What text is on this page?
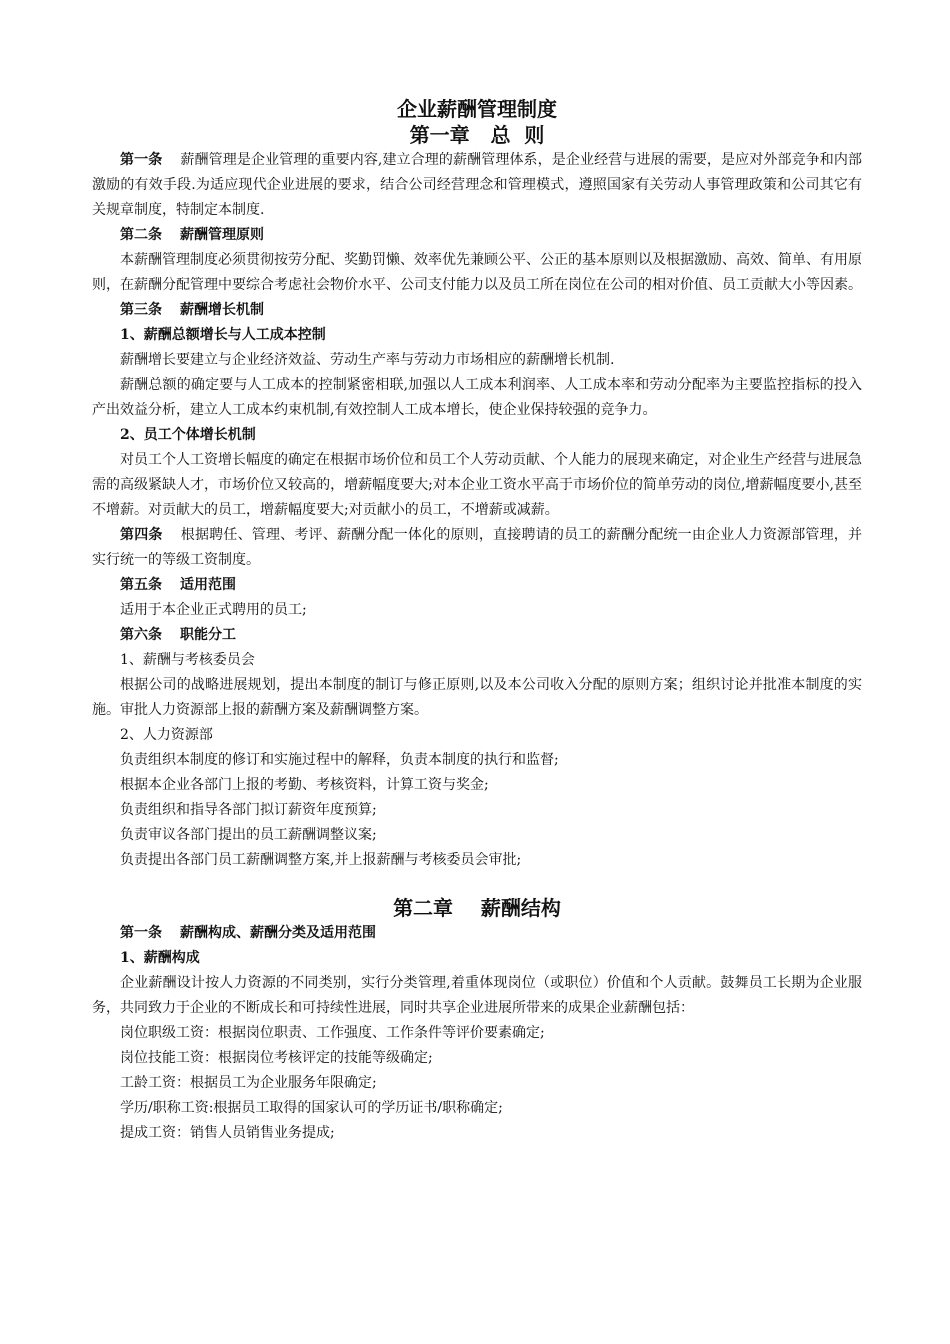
企业薪酬管理制度
第一章   总  则

第一条 薪酬管理是企业管理的重要内容,建立合理的薪酬管理体系，是企业经营与进展的需要，是应对外部竞争和内部激励的有效手段.为适应现代企业进展的要求，结合公司经营理念和管理模式，遵照国家有关劳动人事管理政策和公司其它有关规章制度，特制定本制度.

第二条 薪酬管理原则

本薪酬管理制度必须贯彻按劳分配、奖勤罚懒、效率优先兼顾公平、公正的基本原则以及根据激励、高效、简单、有用原则，在薪酬分配管理中要综合考虑社会物价水平、公司支付能力以及员工所在岗位在公司的相对价值、员工贡献大小等因素。

第三条 薪酬增长机制

1、薪酬总额增长与人工成本控制

薪酬增长要建立与企业经济效益、劳动生产率与劳动力市场相应的薪酬增长机制.

薪酬总额的确定要与人工成本的控制紧密相联,加强以人工成本利润率、人工成本率和劳动分配率为主要监控指标的投入产出效益分析，建立人工成本约束机制,有效控制人工成本增长，使企业保持较强的竞争力。

2、员工个体增长机制

对员工个人工资增长幅度的确定在根据市场价位和员工个人劳动贡献、个人能力的展现来确定，对企业生产经营与进展急需的高级紧缺人才，市场价位又较高的，增薪幅度要大;对本企业工资水平高于市场价位的简单劳动的岗位,增薪幅度要小,甚至不增薪。对贡献大的员工，增薪幅度要大;对贡献小的员工，不增薪或减薪。

第四条 根据聘任、管理、考评、薪酬分配一体化的原则，直接聘请的员工的薪酬分配统一由企业人力资源部管理，并实行统一的等级工资制度。

第五条 适用范围

适用于本企业正式聘用的员工;

第六条 职能分工

1、薪酬与考核委员会

根据公司的战略进展规划，提出本制度的制订与修正原则,以及本公司收入分配的原则方案；组织讨论并批准本制度的实施。审批人力资源部上报的薪酬方案及薪酬调整方案。

2、人力资源部

负责组织本制度的修订和实施过程中的解释，负责本制度的执行和监督;

根据本企业各部门上报的考勤、考核资料，计算工资与奖金;

负责组织和指导各部门拟订薪资年度预算;

负责审议各部门提出的员工薪酬调整议案;

负责提出各部门员工薪酬调整方案,并上报薪酬与考核委员会审批;

第二章    薪酬结构

第一条 薪酬构成、薪酬分类及适用范围

1、薪酬构成

企业薪酬设计按人力资源的不同类别，实行分类管理,着重体现岗位（或职位）价值和个人贡献。鼓舞员工长期为企业服务，共同致力于企业的不断成长和可持续性进展，同时共享企业进展所带来的成果企业薪酬包括：

岗位职级工资：根据岗位职责、工作强度、工作条件等评价要素确定;

岗位技能工资：根据岗位考核评定的技能等级确定;

工龄工资：根据员工为企业服务年限确定;

学历/职称工资:根据员工取得的国家认可的学历证书/职称确定;

提成工资：销售人员销售业务提成;
